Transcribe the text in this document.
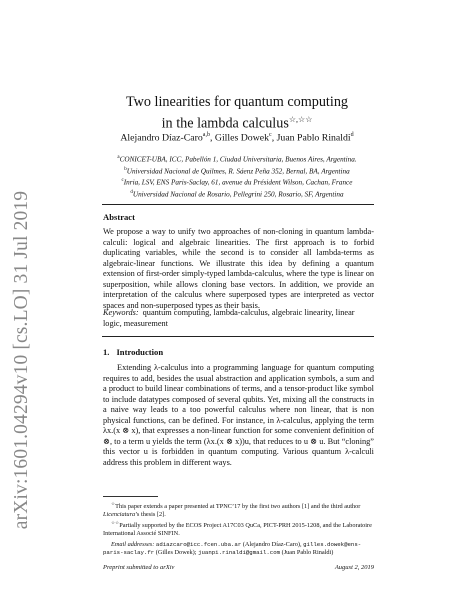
arXiv:1601.04294v10 [cs.LO] 31 Jul 2019
Two linearities for quantum computing
in the lambda calculus☆,☆☆
Alejandro Díaz-Caro$^{a,b}$, Gilles Dowek$^c$, Juan Pablo Rinaldi$^d$
$^a$CONICET-UBA, ICC, Pabellón 1, Ciudad Universitaria, Buenos Aires, Argentina.
$^b$Universidad Nacional de Quilmes, R. Sáenz Peña 352, Bernal, BA, Argentina
$^c$Inria, LSV, ENS Paris-Saclay, 61, avenue du Président Wilson, Cachan, France
$^d$Universidad Nacional de Rosario, Pellegrini 250, Rosario, SF, Argentina
Abstract
We propose a way to unify two approaches of non-cloning in quantum lambda-calculi: logical and algebraic linearities. The first approach is to forbid duplicating variables, while the second is to consider all lambda-terms as algebraic-linear functions. We illustrate this idea by defining a quantum extension of first-order simply-typed lambda-calculus, where the type is linear on superposition, while allows cloning base vectors. In addition, we provide an interpretation of the calculus where superposed types are interpreted as vector spaces and non-superposed types as their basis.
Keywords: quantum computing, lambda-calculus, algebraic linearity, linear logic, measurement
1. Introduction
Extending λ-calculus into a programming language for quantum computing requires to add, besides the usual abstraction and application symbols, a sum and a product to build linear combinations of terms, and a tensor-product like symbol to include datatypes composed of several qubits. Yet, mixing all the constructs in a naive way leads to a too powerful calculus where non linear, that is non physical functions, can be defined. For instance, in λ-calculus, applying the term λx.(x ⊗ x), that expresses a non-linear function for some convenient definition of ⊗, to a term u yields the term (λx.(x ⊗ x))u, that reduces to u ⊗ u. But “cloning” this vector u is forbidden in quantum computing. Various quantum λ-calculi address this problem in different ways.

☆This paper extends a paper presented at TPNC’17 by the first two authors [1] and the third author Licenciatura’s thesis [2].

☆☆Partially supported by the ECOS Project A17C03 QuCa, PICT-PRH 2015-1208, and the Laboratoire International Associé SINFIN.

Email addresses: adiazcaro@icc.fcen.uba.ar (Alejandro Díaz-Caro), gilles.dowek@ens-paris-saclay.fr (Gilles Dowek); juanpi.rinaldi@gmail.com (Juan Pablo Rinaldi)

Preprint submitted to arXiv	August 2, 2019
